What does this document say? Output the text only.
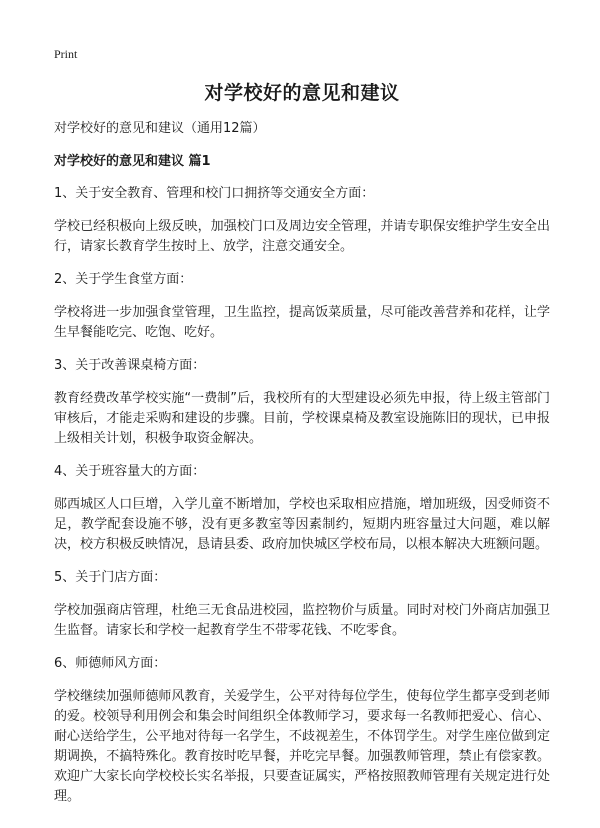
Print
对学校好的意见和建议
对学校好的意见和建议（通用12篇）
对学校好的意见和建议 篇1
1、关于安全教育、管理和校门口拥挤等交通安全方面：
学校已经积极向上级反映，加强校门口及周边安全管理，并请专职保安维护学生安全出行，请家长教育学生按时上、放学，注意交通安全。
2、关于学生食堂方面：
学校将进一步加强食堂管理，卫生监控，提高饭菜质量，尽可能改善营养和花样，让学生早餐能吃完、吃饱、吃好。
3、关于改善课桌椅方面：
教育经费改革学校实施“一费制”后，我校所有的大型建设必须先申报，待上级主管部门审核后，才能走采购和建设的步骤。目前，学校课桌椅及教室设施陈旧的现状，已申报上级相关计划，积极争取资金解决。
4、关于班容量大的方面：
郧西城区人口巨增，入学儿童不断增加，学校也采取相应措施，增加班级，因受师资不足，教学配套设施不够，没有更多教室等因素制约，短期内班容量过大问题，难以解决，校方积极反映情况，恳请县委、政府加快城区学校布局，以根本解决大班额问题。
5、关于门店方面：
学校加强商店管理，杜绝三无食品进校园，监控物价与质量。同时对校门外商店加强卫生监督。请家长和学校一起教育学生不带零花钱、不吃零食。
6、师德师风方面：
学校继续加强师德师风教育，关爱学生，公平对待每位学生，使每位学生都享受到老师的爱。校领导利用例会和集会时间组织全体教师学习，要求每一名教师把爱心、信心、耐心送给学生，公平地对待每一名学生，不歧视差生，不体罚学生。对学生座位做到定期调换，不搞特殊化。教育按时吃早餐，并吃完早餐。加强教师管理，禁止有偿家教。欢迎广大家长向学校校长实名举报，只要查证属实，严格按照教师管理有关规定进行处理。
